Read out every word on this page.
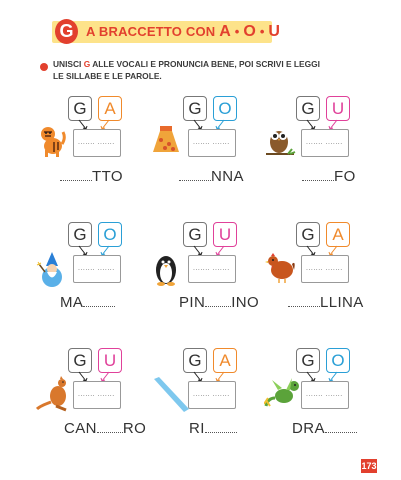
G A BRACCETTO CON A • O • U
UNISCI G ALLE VOCALI E PRONUNCIA BENE, POI SCRIVI E LEGGI
LE SILLABE E LE PAROLE.
G	A
....... .......
TTO
G O
....... .......
NNA
G	U
....... .......
FO
G O
....... .......
MA
G	U
....... .......
PIN INO
G	A
....... .......
LLINA
G	U
....... .......
CAN RO
G	A
....... .......
RI
G O
....... .......
DRA
173
